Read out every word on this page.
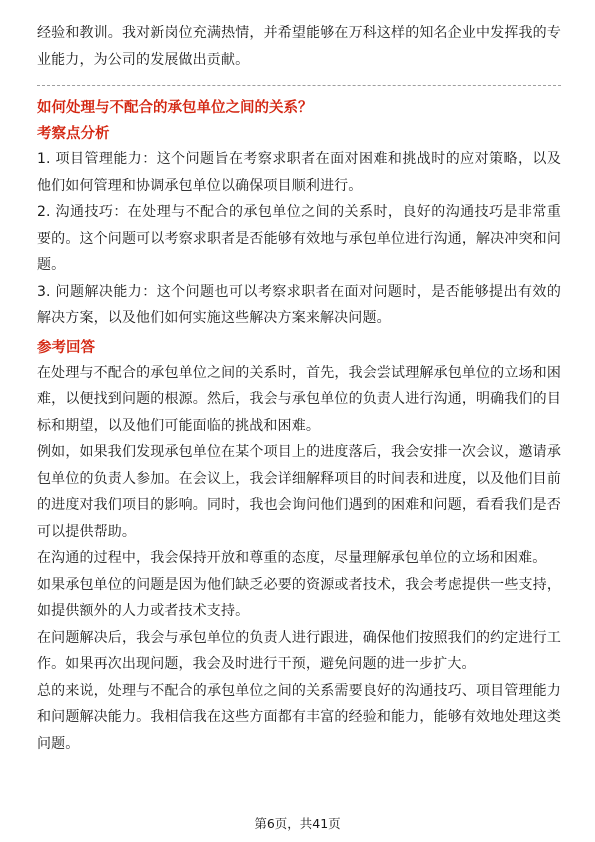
经验和教训。我对新岗位充满热情，并希望能够在万科这样的知名企业中发挥我的专业能力，为公司的发展做出贡献。

如何处理与不配合的承包单位之间的关系？

考察点分析

1. 项目管理能力：这个问题旨在考察求职者在面对困难和挑战时的应对策略，以及他们如何管理和协调承包单位以确保项目顺利进行。

2. 沟通技巧：在处理与不配合的承包单位之间的关系时，良好的沟通技巧是非常重要的。这个问题可以考察求职者是否能够有效地与承包单位进行沟通，解决冲突和问题。

3. 问题解决能力：这个问题也可以考察求职者在面对问题时，是否能够提出有效的解决方案，以及他们如何实施这些解决方案来解决问题。

参考回答

在处理与不配合的承包单位之间的关系时，首先，我会尝试理解承包单位的立场和困难，以便找到问题的根源。然后，我会与承包单位的负责人进行沟通，明确我们的目标和期望，以及他们可能面临的挑战和困难。

例如，如果我们发现承包单位在某个项目上的进度落后，我会安排一次会议，邀请承包单位的负责人参加。在会议上，我会详细解释项目的时间表和进度，以及他们目前的进度对我们项目的影响。同时，我也会询问他们遇到的困难和问题，看看我们是否可以提供帮助。

在沟通的过程中，我会保持开放和尊重的态度，尽量理解承包单位的立场和困难。

如果承包单位的问题是因为他们缺乏必要的资源或者技术，我会考虑提供一些支持，如提供额外的人力或者技术支持。

在问题解决后，我会与承包单位的负责人进行跟进，确保他们按照我们的约定进行工作。如果再次出现问题，我会及时进行干预，避免问题的进一步扩大。

总的来说，处理与不配合的承包单位之间的关系需要良好的沟通技巧、项目管理能力和问题解决能力。我相信我在这些方面都有丰富的经验和能力，能够有效地处理这类问题。

第6页，共41页
